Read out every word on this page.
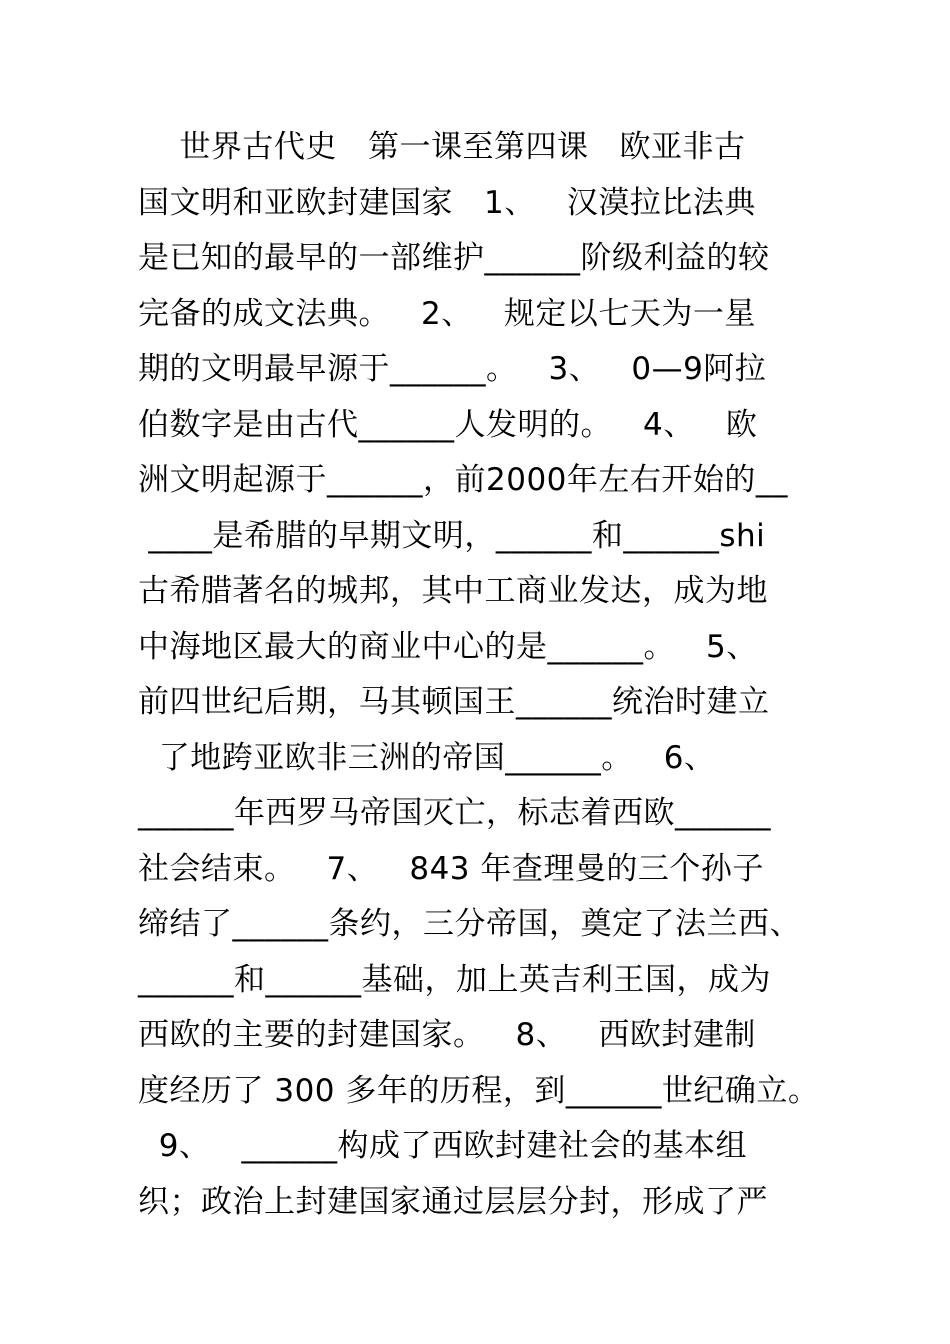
世界古代史   第一课至第四课   欧亚非古
国文明和亚欧封建国家   1、   汉漠拉比法典
是已知的最早的一部维护______阶级利益的较
完备的成文法典。   2、   规定以七天为一星
期的文明最早源于______。   3、   0—9阿拉
伯数字是由古代______人发明的。   4、   欧
洲文明起源于______，前2000年左右开始的__
____是希腊的早期文明，______和______shi
古希腊著名的城邦，其中工商业发达，成为地
中海地区最大的商业中心的是______。   5、
前四世纪后期，马其顿国王______统治时建立
了地跨亚欧非三洲的帝国______。   6、
______年西罗马帝国灭亡，标志着西欧______
社会结束。   7、   843 年查理曼的三个孙子
缔结了______条约，三分帝国，奠定了法兰西、
______和______基础，加上英吉利王国，成为
西欧的主要的封建国家。   8、   西欧封建制
度经历了 300 多年的历程，到______世纪确立。
9、   ______构成了西欧封建社会的基本组
织；政治上封建国家通过层层分封，形成了严
